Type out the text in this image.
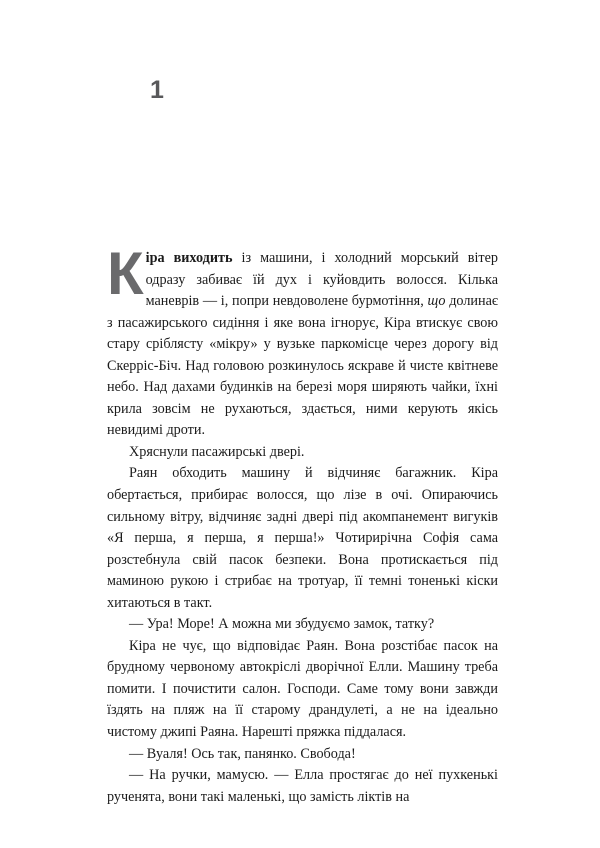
1

Кіра виходить із машини, і холодний морський вітер одразу забиває їй дух і куйовдить волосся. Кілька маневрів — і, попри невдоволене бурмотіння, що долинає з пасажирського сидіння і яке вона ігнорує, Кіра втискує свою стару сріблясту «мікру» у вузьке паркомісце через дорогу від Скерріс-Біч. Над головою розкинулось яскраве й чисте квітневе небо. Над дахами будинків на березі моря ширяють чайки, їхні крила зовсім не рухаються, здається, ними керують якісь невидимі дроти.

Хряснули пасажирські двері.

Раян обходить машину й відчиняє багажник. Кіра обертається, прибирає волосся, що лізе в очі. Опираючись сильному вітру, відчиняє задні двері під акомпанемент вигуків «Я перша, я перша, я перша!» Чотирирічна Софія сама розстебнула свій пасок безпеки. Вона протискається під маминою рукою і стрибає на тротуар, її темні тоненькі кіски хитаються в такт.

— Ура! Море! А можна ми збудуємо замок, татку?

Кіра не чує, що відповідає Раян. Вона розстібає пасок на брудному червоному автокріслі дворічної Елли. Машину треба помити. І почистити салон. Господи. Саме тому вони завжди їздять на пляж на її старому драндулеті, а не на ідеально чистому джипі Раяна. Нарешті пряжка піддалася.

— Вуаля! Ось так, панянко. Свобода!

— На ручки, мамусю. — Елла простягає до неї пухкенькі рученята, вони такі маленькі, що замість ліктів на
